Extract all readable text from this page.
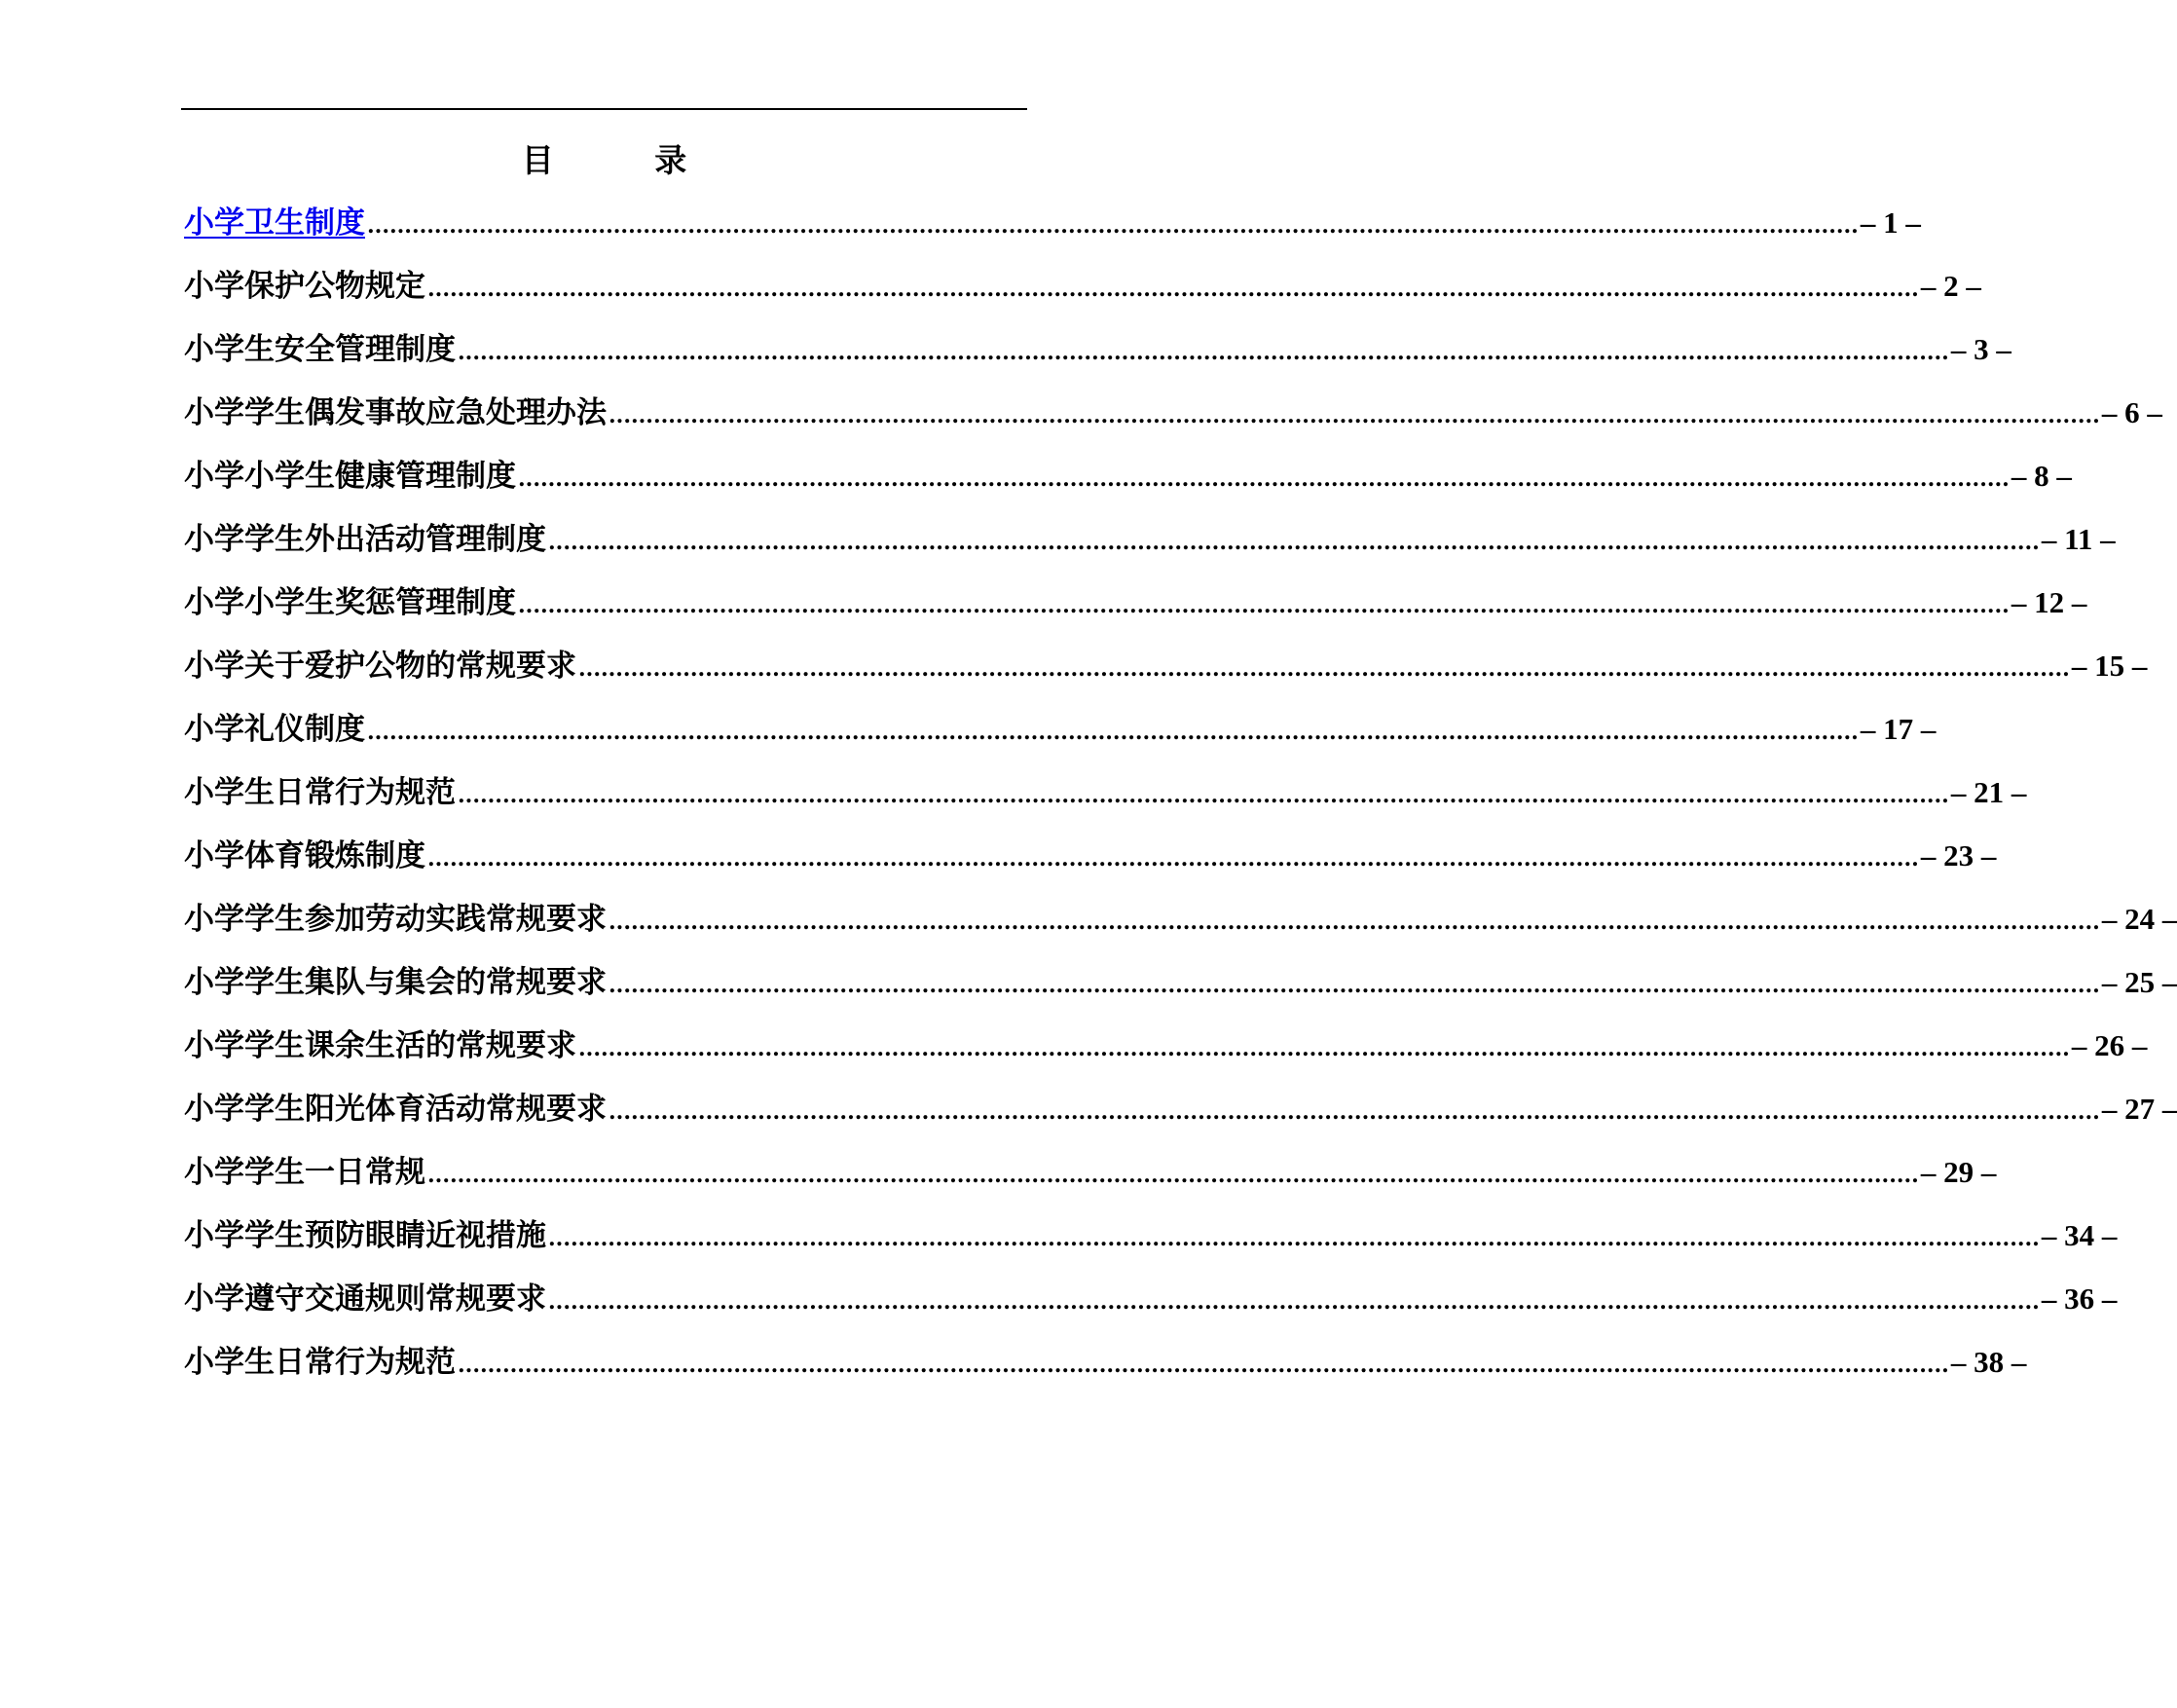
目 录
小学卫生制度 ........................................................................................................................................................................................................ – 1 –
小学保护公物规定 ........................................................................................................................................................................................................ – 2 –
小学生安全管理制度 ........................................................................................................................................................................................................ – 3 –
小学学生偶发事故应急处理办法 ........................................................................................................................................................................................................ – 6 –
小学小学生健康管理制度 ........................................................................................................................................................................................................ – 8 –
小学学生外出活动管理制度 ........................................................................................................................................................................................................ – 11 –
小学小学生奖惩管理制度 ........................................................................................................................................................................................................ – 12 –
小学关于爱护公物的常规要求 ........................................................................................................................................................................................................ – 15 –
小学礼仪制度 ........................................................................................................................................................................................................ – 17 –
小学生日常行为规范 ........................................................................................................................................................................................................ – 21 –
小学体育锻炼制度 ........................................................................................................................................................................................................ – 23 –
小学学生参加劳动实践常规要求 ........................................................................................................................................................................................................ – 24 –
小学学生集队与集会的常规要求 ........................................................................................................................................................................................................ – 25 –
小学学生课余生活的常规要求 ........................................................................................................................................................................................................ – 26 –
小学学生阳光体育活动常规要求 ........................................................................................................................................................................................................ – 27 –
小学学生一日常规 ........................................................................................................................................................................................................ – 29 –
小学学生预防眼睛近视措施 ........................................................................................................................................................................................................ – 34 –
小学遵守交通规则常规要求 ........................................................................................................................................................................................................ – 36 –
小学生日常行为规范 ........................................................................................................................................................................................................ – 38 –
